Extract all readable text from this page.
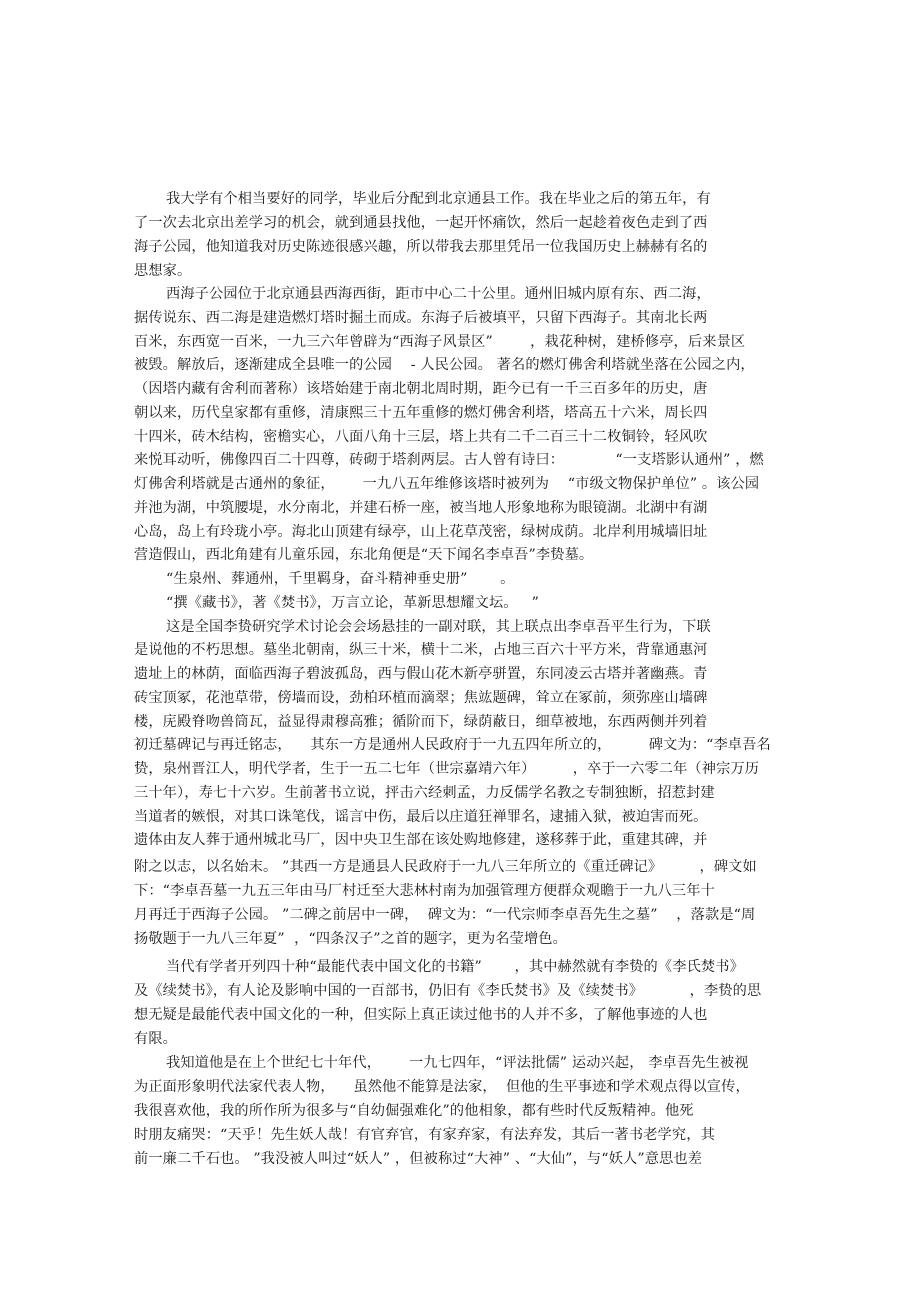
我大学有个相当要好的同学，毕业后分配到北京通县工作。我在毕业之后的第五年，有
了一次去北京出差学习的机会，就到通县找他，一起开怀痛饮，然后一起趁着夜色走到了西
海子公园，他知道我对历史陈迹很感兴趣，所以带我去那里凭吊一位我国历史上赫赫有名的
思想家。
西海子公园位于北京通县西海西街，距市中心二十公里。通州旧城内原有东、西二海，
据传说东、西二海是建造燃灯塔时掘土而成。东海子后被填平，只留下西海子。其南北长两
百米，东西宽一百米，一九三六年曾辟为“西海子风景区”        ，栽花种树，建桥修亭，后来景区
被毁。解放后，逐渐建成全县唯一的公园    - 人民公园。 著名的燃灯佛舍利塔就坐落在公园之内，
（因塔内藏有舍利而著称）该塔始建于南北朝北周时期，距今已有一千三百多年的历史，唐
朝以来，历代皇家都有重修，清康熙三十五年重修的燃灯佛舍利塔，塔高五十六米，周长四
十四米，砖木结构，密檐实心，八面八角十三层，塔上共有二千二百三十二枚铜铃，轻风吹
来悦耳动听，佛像四百二十四尊，砖砌于塔刹两层。古人曾有诗曰：           “一支塔影认通州” ，燃
灯佛舍利塔就是古通州的象征，      一九八五年维修该塔时被列为    “市级文物保护单位” 。该公园
并池为湖，中筑腰堤，水分南北，并建石桥一座，被当地人形象地称为眼镜湖。北湖中有湖
心岛，岛上有玲珑小亭。海北山顶建有绿亭，山上花草茂密，绿树成荫。北岸利用城墙旧址
营造假山，西北角建有儿童乐园，东北角便是“天下闻名李卓吾”李贽墓。
“生泉州、葬通州，千里羁身，奋斗精神垂史册”       。
“撰《藏书》，著《焚书》，万言立论，革新思想耀文坛。   ”
这是全国李贽研究学术讨论会会场悬挂的一副对联，其上联点出李卓吾平生行为，下联
是说他的不朽思想。墓坐北朝南，纵三十米，横十二米，占地三百六十平方米，背靠通惠河
遗址上的林荫，面临西海子碧波孤岛，西与假山花木新亭骈置，东同凌云古塔并著幽燕。青
砖宝顶冢，花池草带，傍墙而设，劲柏环植而滴翠；焦竑题碑，耸立在冢前，须弥座山墙碑
楼，庑殿脊吻兽筒瓦，益显得肃穆高雅；循阶而下，绿荫蔽日，细草被地，东西两侧并列着
初迁墓碑记与再迁铭志，    其东一方是通州人民政府于一九五四年所立的，        碑文为：“李卓吾名
贽，泉州晋江人，明代学者，生于一五二七年（世宗嘉靖六年）        ，卒于一六零二年（神宗万历
三十年），寿七十六岁。生前著书立说，抨击六经刺孟，力反儒学名教之专制独断，招惹封建
当道者的嫉恨，对其口诛笔伐，谣言中伤，最后以庄道狂禅罪名，逮捕入狱，被迫害而死。
遗体由友人葬于通州城北马厂，因中央卫生部在该处购地修建，遂移葬于此，重建其碑，并
附之以志，以名始末。 ”其西一方是通县人民政府于一九八三年所立的《重迁碑记》        ，碑文如
下：“李卓吾墓一九五三年由马厂村迁至大悲林村南为加强管理方便群众观瞻于一九八三年十
月再迁于西海子公园。 ”二碑之前居中一碑，  碑文为：“一代宗师李卓吾先生之墓”    ，落款是“周
扬敬题于一九八三年夏”  ，“四条汉子”之首的题字，更为名莹增色。
当代有学者开列四十种“最能代表中国文化的书籍”       ，其中赫然就有李贽的《李氏焚书》
及《续焚书》，有人论及影响中国的一百部书，仍旧有《李氏焚书》及《续焚书》          ，李贽的思
想无疑是最能代表中国文化的一种，但实际上真正读过他书的人并不多，了解他事迹的人也
有限。
我知道他是在上个世纪七十年代，      一九七四年，“评法批儒” 运动兴起， 李卓吾先生被视
为正面形象明代法家代表人物，    虽然他不能算是法家，  但他的生平事迹和学术观点得以宣传，
我很喜欢他，我的所作所为很多与“自幼倔强难化”的他相象，都有些时代反叛精神。他死
时朋友痛哭：“天乎！先生妖人哉！有官弃官，有家弃家，有法弃发，其后一著书老学究，其
前一廉二千石也。 ”我没被人叫过“妖人” ，但被称过“大神” 、“大仙”，与“妖人”意思也差
